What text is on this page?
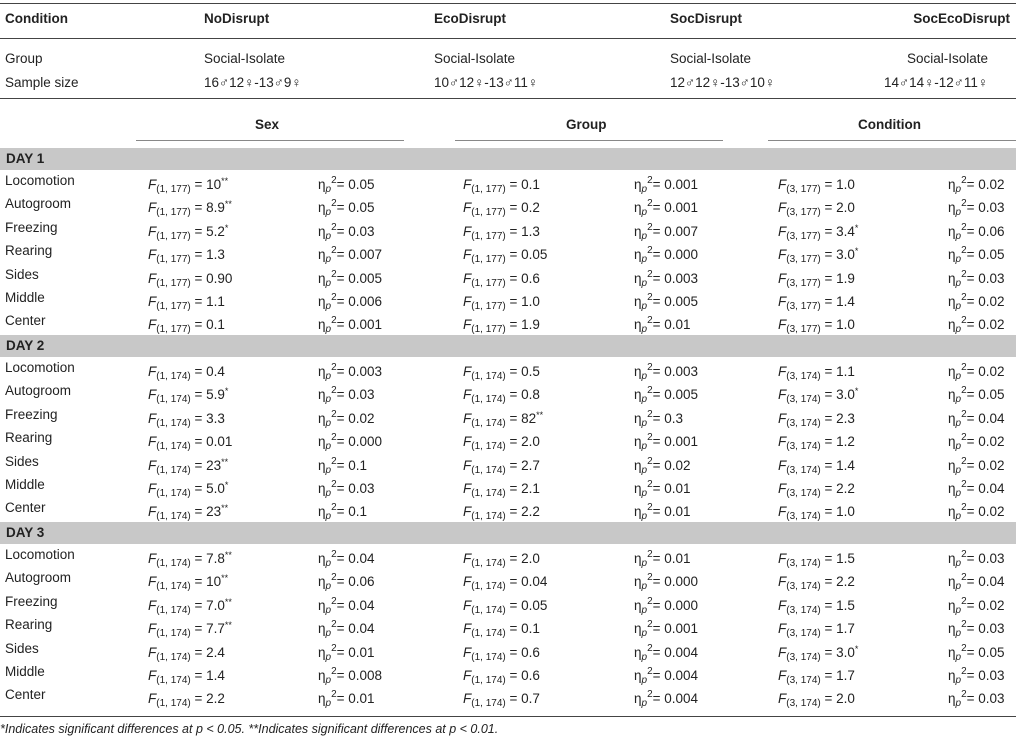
Condition	NoDisrupt	EcoDisrupt	SocDisrupt	SocEcoDisrupt
Group	Social-Isolate	Social-Isolate	Social-Isolate	Social-Isolate
Sample size	16♂12♀-13♂9♀	10♂12♀-13♂11♀	12♂12♀-13♂10♀	14♂14♀-12♂11♀
Sex	Group	Condition
DAY 1
Locomotion	$F_{(1, 177)} = 10^{**}$	$\eta_p^2= 0.05$	$F_{(1, 177)} = 0.1$	$\eta_p^2= 0.001$	$F_{(3, 177)} = 1.0$	$\eta_p^2= 0.02$
Autogroom	$F_{(1, 177)} = 8.9^{**}$	$\eta_p^2= 0.05$	$F_{(1, 177)} = 0.2$	$\eta_p^2= 0.001$	$F_{(3, 177)} = 2.0$	$\eta_p^2= 0.03$
Freezing	$F_{(1, 177)} = 5.2^*$	$\eta_p^2= 0.03$	$F_{(1, 177)} = 1.3$	$\eta_p^2= 0.007$	$F_{(3, 177)} = 3.4^*$	$\eta_p^2= 0.06$
Rearing	$F_{(1, 177)} = 1.3$	$\eta_p^2= 0.007$	$F_{(1, 177)} = 0.05$	$\eta_p^2= 0.000$	$F_{(3, 177)} = 3.0^*$	$\eta_p^2= 0.05$
Sides	$F_{(1, 177)} = 0.90$	$\eta_p^2= 0.005$	$F_{(1, 177)} = 0.6$	$\eta_p^2= 0.003$	$F_{(3, 177)} = 1.9$	$\eta_p^2= 0.03$
Middle	$F_{(1, 177)} = 1.1$	$\eta_p^2= 0.006$	$F_{(1, 177)} = 1.0$	$\eta_p^2= 0.005$	$F_{(3, 177)} = 1.4$	$\eta_p^2= 0.02$
Center	$F_{(1, 177)} = 0.1$	$\eta_p^2= 0.001$	$F_{(1, 177)} = 1.9$	$\eta_p^2= 0.01$	$F_{(3, 177)} = 1.0$	$\eta_p^2= 0.02$
DAY 2
Locomotion	$F_{(1, 174)} = 0.4$	$\eta_p^2= 0.003$	$F_{(1, 174)} = 0.5$	$\eta_p^2= 0.003$	$F_{(3, 174)} = 1.1$	$\eta_p^2= 0.02$
Autogroom	$F_{(1, 174)} = 5.9^*$	$\eta_p^2= 0.03$	$F_{(1, 174)} = 0.8$	$\eta_p^2= 0.005$	$F_{(3, 174)} = 3.0^*$	$\eta_p^2= 0.05$
Freezing	$F_{(1, 174)} = 3.3$	$\eta_p^2= 0.02$	$F_{(1, 174)} = 82^{**}$	$\eta_p^2= 0.3$	$F_{(3, 174)} = 2.3$	$\eta_p^2= 0.04$
Rearing	$F_{(1, 174)} = 0.01$	$\eta_p^2= 0.000$	$F_{(1, 174)} = 2.0$	$\eta_p^2= 0.001$	$F_{(3, 174)} = 1.2$	$\eta_p^2= 0.02$
Sides	$F_{(1, 174)} = 23^{**}$	$\eta_p^2= 0.1$	$F_{(1, 174)} = 2.7$	$\eta_p^2= 0.02$	$F_{(3, 174)} = 1.4$	$\eta_p^2= 0.02$
Middle	$F_{(1, 174)} = 5.0^*$	$\eta_p^2= 0.03$	$F_{(1, 174)} = 2.1$	$\eta_p^2= 0.01$	$F_{(3, 174)} = 2.2$	$\eta_p^2= 0.04$
Center	$F_{(1, 174)} = 23^{**}$	$\eta_p^2= 0.1$	$F_{(1, 174)} = 2.2$	$\eta_p^2= 0.01$	$F_{(3, 174)} = 1.0$	$\eta_p^2= 0.02$
DAY 3
Locomotion	$F_{(1, 174)} = 7.8^{**}$	$\eta_p^2= 0.04$	$F_{(1, 174)} = 2.0$	$\eta_p^2= 0.01$	$F_{(3, 174)} = 1.5$	$\eta_p^2= 0.03$
Autogroom	$F_{(1, 174)} = 10^{**}$	$\eta_p^2= 0.06$	$F_{(1, 174)} = 0.04$	$\eta_p^2= 0.000$	$F_{(3, 174)} = 2.2$	$\eta_p^2= 0.04$
Freezing	$F_{(1, 174)} = 7.0^{**}$	$\eta_p^2= 0.04$	$F_{(1, 174)} = 0.05$	$\eta_p^2= 0.000$	$F_{(3, 174)} = 1.5$	$\eta_p^2= 0.02$
Rearing	$F_{(1, 174)} = 7.7^{**}$	$\eta_p^2= 0.04$	$F_{(1, 174)} = 0.1$	$\eta_p^2= 0.001$	$F_{(3, 174)} = 1.7$	$\eta_p^2= 0.03$
Sides	$F_{(1, 174)} = 2.4$	$\eta_p^2= 0.01$	$F_{(1, 174)} = 0.6$	$\eta_p^2= 0.004$	$F_{(3, 174)} = 3.0^*$	$\eta_p^2= 0.05$
Middle	$F_{(1, 174)} = 1.4$	$\eta_p^2= 0.008$	$F_{(1, 174)} = 0.6$	$\eta_p^2= 0.004$	$F_{(3, 174)} = 1.7$	$\eta_p^2= 0.03$
Center	$F_{(1, 174)} = 2.2$	$\eta_p^2= 0.01$	$F_{(1, 174)} = 0.7$	$\eta_p^2= 0.004$	$F_{(3, 174)} = 2.0$	$\eta_p^2= 0.03$
*Indicates significant differences at p < 0.05. **Indicates significant differences at p < 0.01.
